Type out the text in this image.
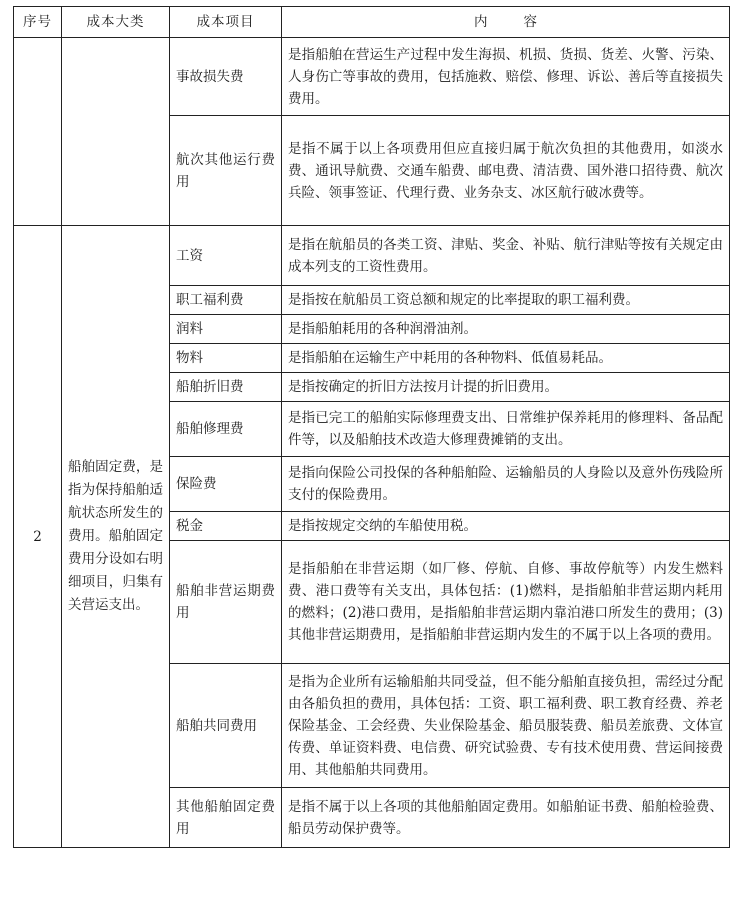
序号	成本大类	成本项目	内容
		事故损失费	是指船舶在营运生产过程中发生海损、机损、货损、货差、火警、污染、人身伤亡等事故的费用，包括施救、赔偿、修理、诉讼、善后等直接损失费用。
		航次其他运行费用	是指不属于以上各项费用但应直接归属于航次负担的其他费用，如淡水费、通讯导航费、交通车船费、邮电费、清洁费、国外港口招待费、航次兵险、领事签证、代理行费、业务杂支、冰区航行破冰费等。
2	船舶固定费，是指为保持船舶适航状态所发生的费用。船舶固定费用分设如右明细项目，归集有关营运支出。	工资	是指在航船员的各类工资、津贴、奖金、补贴、航行津贴等按有关规定由成本列支的工资性费用。
		职工福利费	是指按在航船员工资总额和规定的比率提取的职工福利费。
		润料	是指船舶耗用的各种润滑油剂。
		物料	是指船舶在运输生产中耗用的各种物料、低值易耗品。
		船舶折旧费	是指按确定的折旧方法按月计提的折旧费用。
		船舶修理费	是指已完工的船舶实际修理费支出、日常维护保养耗用的修理料、备品配件等，以及船舶技术改造大修理费摊销的支出。
		保险费	是指向保险公司投保的各种船舶险、运输船员的人身险以及意外伤残险所支付的保险费用。
		税金	是指按规定交纳的车船使用税。
		船舶非营运期费用	是指船舶在非营运期（如厂修、停航、自修、事故停航等）内发生燃料费、港口费等有关支出，具体包括：(1)燃料，是指船舶非营运期内耗用的燃料；(2)港口费用，是指船舶非营运期内靠泊港口所发生的费用；(3)其他非营运期费用，是指船舶非营运期内发生的不属于以上各项的费用。
		船舶共同费用	是指为企业所有运输船舶共同受益，但不能分船舶直接负担，需经过分配由各船负担的费用，具体包括：工资、职工福利费、职工教育经费、养老保险基金、工会经费、失业保险基金、船员服装费、船员差旅费、文体宣传费、单证资料费、电信费、研究试验费、专有技术使用费、营运间接费用、其他船舶共同费用。
		其他船舶固定费用	是指不属于以上各项的其他船舶固定费用。如船舶证书费、船舶检验费、船员劳动保护费等。
